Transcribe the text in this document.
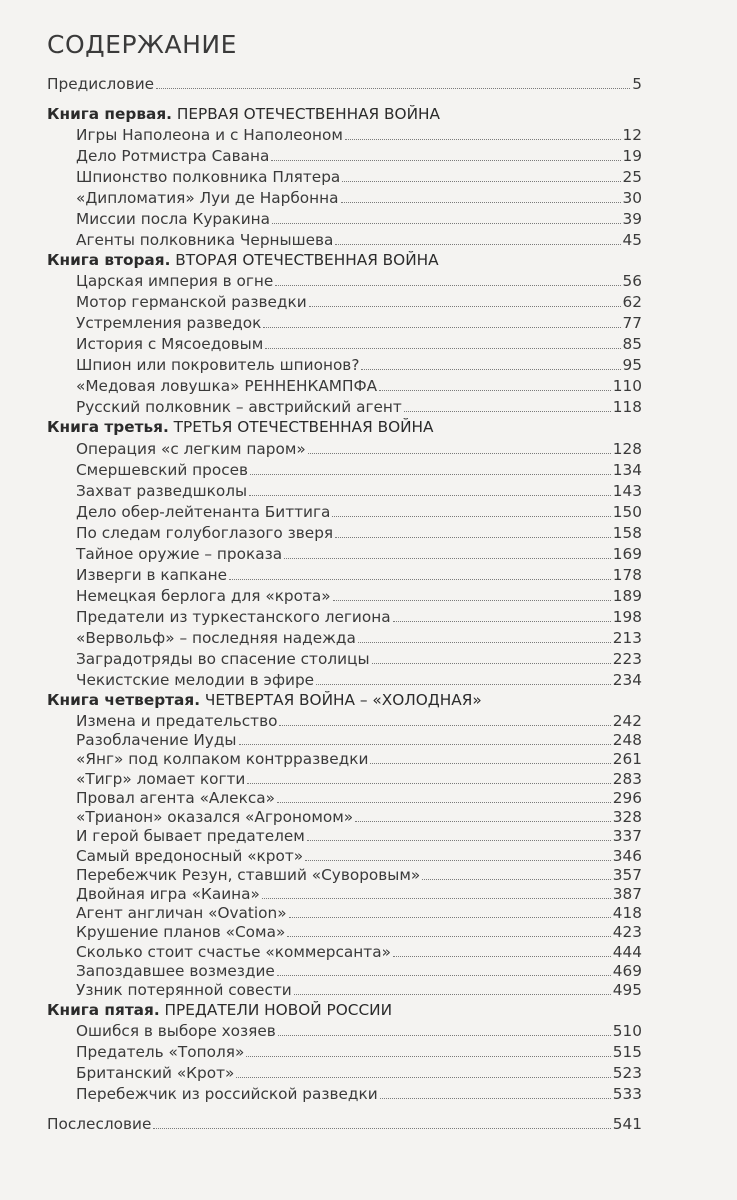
СОДЕРЖАНИЕ
Предисловие	5
Книга первая. ПЕРВАЯ ОТЕЧЕСТВЕННАЯ ВОЙНА
Игры Наполеона и с Наполеоном	12
Дело Ротмистра Савана	19
Шпионство полковника Плятера	25
«Дипломатия» Луи де Нарбонна	30
Миссии посла Куракина	39
Агенты полковника Чернышева	45
Книга вторая. ВТОРАЯ ОТЕЧЕСТВЕННАЯ ВОЙНА
Царская империя в огне	56
Мотор германской разведки	62
Устремления разведок	77
История с Мясоедовым	85
Шпион или покровитель шпионов?	95
«Медовая ловушка» РЕННЕНКАМПФА	110
Русский полковник – австрийский агент	118
Книга третья. ТРЕТЬЯ ОТЕЧЕСТВЕННАЯ ВОЙНА
Операция «с легким паром»	128
Смершевский просев	134
Захват разведшколы	143
Дело обер-лейтенанта Биттига	150
По следам голубоглазого зверя	158
Тайное оружие – проказа	169
Изверги в капкане	178
Немецкая берлога для «крота»	189
Предатели из туркестанского легиона	198
«Вервольф» – последняя надежда	213
Заградотряды во спасение столицы	223
Чекистские мелодии в эфире	234
Книга четвертая. ЧЕТВЕРТАЯ ВОЙНА – «ХОЛОДНАЯ»
Измена и предательство	242
Разоблачение Иуды	248
«Янг» под колпаком контрразведки	261
«Тигр» ломает когти	283
Провал агента «Алекса»	296
«Трианон» оказался «Агрономом»	328
И герой бывает предателем	337
Самый вредоносный «крот»	346
Перебежчик Резун, ставший «Суворовым»	357
Двойная игра «Каина»	387
Агент англичан «Ovation»	418
Крушение планов «Сома»	423
Сколько стоит счастье «коммерсанта»	444
Запоздавшее возмездие	469
Узник потерянной совести	495
Книга пятая. ПРЕДАТЕЛИ НОВОЙ РОССИИ
Ошибся в выборе хозяев	510
Предатель «Тополя»	515
Британский «Крот»	523
Перебежчик из российской разведки	533
Послесловие	541
